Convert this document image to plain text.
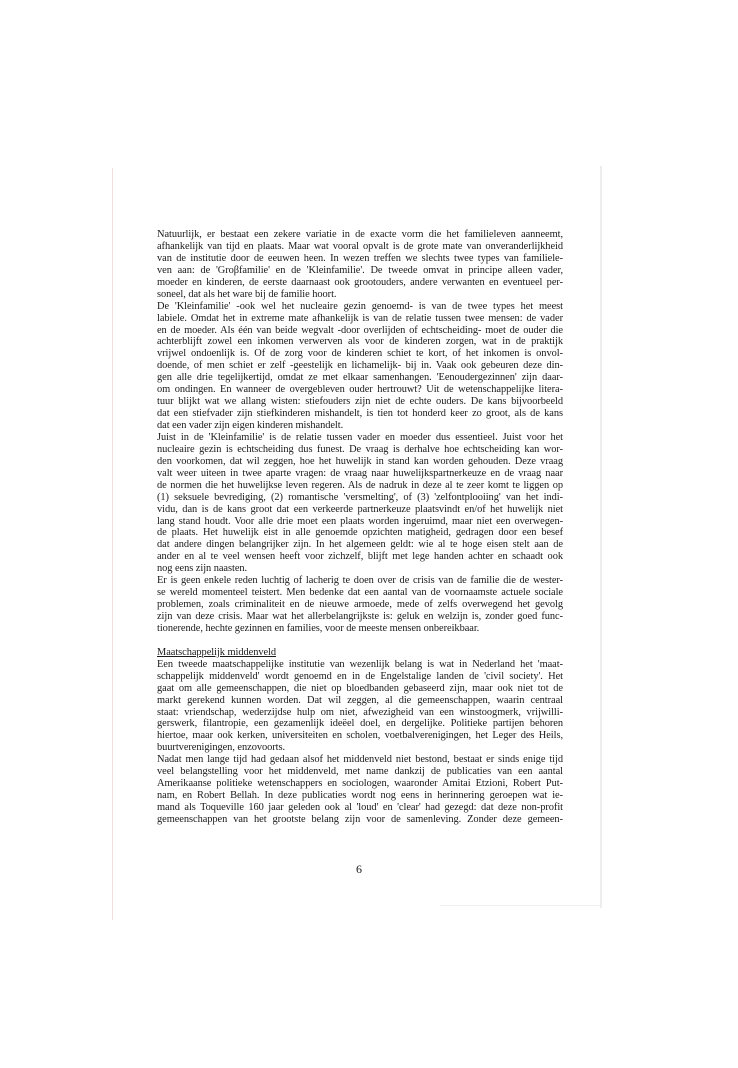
Natuurlijk, er bestaat een zekere variatie in de exacte vorm die het familieleven aanneemt,
afhankelijk van tijd en plaats. Maar wat vooral opvalt is de grote mate van onveranderlijkheid
van de institutie door de eeuwen heen. In wezen treffen we slechts twee types van familiele-
ven aan: de 'Groβfamilie' en de 'Kleinfamilie'. De tweede omvat in principe alleen vader,
moeder en kinderen, de eerste daarnaast ook grootouders, andere verwanten en eventueel per-
soneel, dat als het ware bij de familie hoort.
De 'Kleinfamilie' -ook wel het nucleaire gezin genoemd- is van de twee types het meest
labiele. Omdat het in extreme mate afhankelijk is van de relatie tussen twee mensen: de vader
en de moeder. Als één van beide wegvalt -door overlijden of echtscheiding- moet de ouder die
achterblijft zowel een inkomen verwerven als voor de kinderen zorgen, wat in de praktijk
vrijwel ondoenlijk is. Of de zorg voor de kinderen schiet te kort, of het inkomen is onvol-
doende, of men schiet er zelf -geestelijk en lichamelijk- bij in. Vaak ook gebeuren deze din-
gen alle drie tegelijkertijd, omdat ze met elkaar samenhangen. 'Eenoudergezinnen' zijn daar-
om ondingen. En wanneer de overgebleven ouder hertrouwt? Uit de wetenschappelijke litera-
tuur blijkt wat we allang wisten: stiefouders zijn niet de echte ouders. De kans bijvoorbeeld
dat een stiefvader zijn stiefkinderen mishandelt, is tien tot honderd keer zo groot, als de kans
dat een vader zijn eigen kinderen mishandelt.
Juist in de 'Kleinfamilie' is de relatie tussen vader en moeder dus essentieel. Juist voor het
nucleaire gezin is echtscheiding dus funest. De vraag is derhalve hoe echtscheiding kan wor-
den voorkomen, dat wil zeggen, hoe het huwelijk in stand kan worden gehouden. Deze vraag
valt weer uiteen in twee aparte vragen: de vraag naar huwelijkspartnerkeuze en de vraag naar
de normen die het huwelijkse leven regeren. Als de nadruk in deze al te zeer komt te liggen op
(1) seksuele bevrediging, (2) romantische 'versmelting', of (3) 'zelfontplooiing' van het indi-
vidu, dan is de kans groot dat een verkeerde partnerkeuze plaatsvindt en/of het huwelijk niet
lang stand houdt. Voor alle drie moet een plaats worden ingeruimd, maar niet een overwegen-
de plaats. Het huwelijk eist in alle genoemde opzichten matigheid, gedragen door een besef
dat andere dingen belangrijker zijn. In het algemeen geldt: wie al te hoge eisen stelt aan de
ander en al te veel wensen heeft voor zichzelf, blijft met lege handen achter en schaadt ook
nog eens zijn naasten.
Er is geen enkele reden luchtig of lacherig te doen over de crisis van de familie die de wester-
se wereld momenteel teistert. Men bedenke dat een aantal van de voornaamste actuele sociale
problemen, zoals criminaliteit en de nieuwe armoede, mede of zelfs overwegend het gevolg
zijn van deze crisis. Maar wat het allerbelangrijkste is: geluk en welzijn is, zonder goed func-
tionerende, hechte gezinnen en families, voor de meeste mensen onbereikbaar.
Maatschappelijk middenveld
Een tweede maatschappelijke institutie van wezenlijk belang is wat in Nederland het 'maat-
schappelijk middenveld' wordt genoemd en in de Engelstalige landen de 'civil society'. Het
gaat om alle gemeenschappen, die niet op bloedbanden gebaseerd zijn, maar ook niet tot de
markt gerekend kunnen worden. Dat wil zeggen, al die gemeenschappen, waarin centraal
staat: vriendschap, wederzijdse hulp om niet, afwezigheid van een winstoogmerk, vrijwilli-
gerswerk, filantropie, een gezamenlijk ideëel doel, en dergelijke. Politieke partijen behoren
hiertoe, maar ook kerken, universiteiten en scholen, voetbalverenigingen, het Leger des Heils,
buurtverenigingen, enzovoorts.
Nadat men lange tijd had gedaan alsof het middenveld niet bestond, bestaat er sinds enige tijd
veel belangstelling voor het middenveld, met name dankzij de publicaties van een aantal
Amerikaanse politieke wetenschappers en sociologen, waaronder Amitai Etzioni, Robert Put-
nam, en Robert Bellah. In deze publicaties wordt nog eens in herinnering geroepen wat ie-
mand als Toqueville 160 jaar geleden ook al 'loud' en 'clear' had gezegd: dat deze non-profit
gemeenschappen van het grootste belang zijn voor de samenleving. Zonder deze gemeen-
6
